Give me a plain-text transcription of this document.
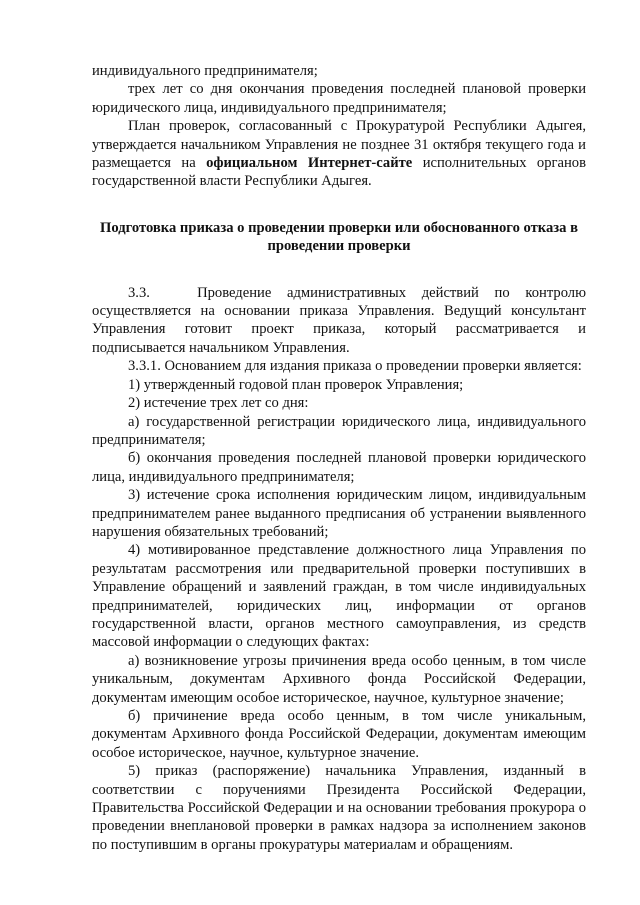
индивидуального предпринимателя;

трех лет со дня окончания проведения последней плановой проверки юридического лица, индивидуального предпринимателя;

План проверок, согласованный с Прокуратурой Республики Адыгея, утверждается начальником Управления не позднее 31 октября текущего года и размещается на официальном Интернет-сайте исполнительных органов государственной власти Республики Адыгея.

Подготовка приказа о проведении проверки или обоснованного отказа в проведении проверки

3.3.   Проведение административных действий по контролю осуществляется на основании приказа Управления. Ведущий консультант Управления готовит проект приказа, который рассматривается и подписывается начальником Управления.

3.3.1. Основанием для издания приказа о проведении проверки является:

1) утвержденный годовой план проверок Управления;

2) истечение трех лет со дня:

а) государственной регистрации юридического лица, индивидуального предпринимателя;

б) окончания проведения последней плановой проверки юридического лица, индивидуального предпринимателя;

3) истечение срока исполнения юридическим лицом, индивидуальным предпринимателем ранее выданного предписания об устранении выявленного нарушения обязательных требований;

4) мотивированное представление должностного лица Управления по результатам рассмотрения или предварительной проверки поступивших в Управление обращений и заявлений граждан, в том числе индивидуальных предпринимателей, юридических лиц, информации от органов государственной власти, органов местного самоуправления, из средств массовой информации о следующих фактах:

а) возникновение угрозы причинения вреда особо ценным, в том числе уникальным, документам Архивного фонда Российской Федерации, документам имеющим особое историческое, научное, культурное значение;

б) причинение вреда особо ценным, в том числе уникальным, документам Архивного фонда Российской Федерации, документам имеющим особое историческое, научное, культурное значение.

5) приказ (распоряжение) начальника Управления, изданный в соответствии с поручениями Президента Российской Федерации, Правительства Российской Федерации и на основании требования прокурора о проведении внеплановой проверки в рамках надзора за исполнением законов по поступившим в органы прокуратуры материалам и обращениям.
